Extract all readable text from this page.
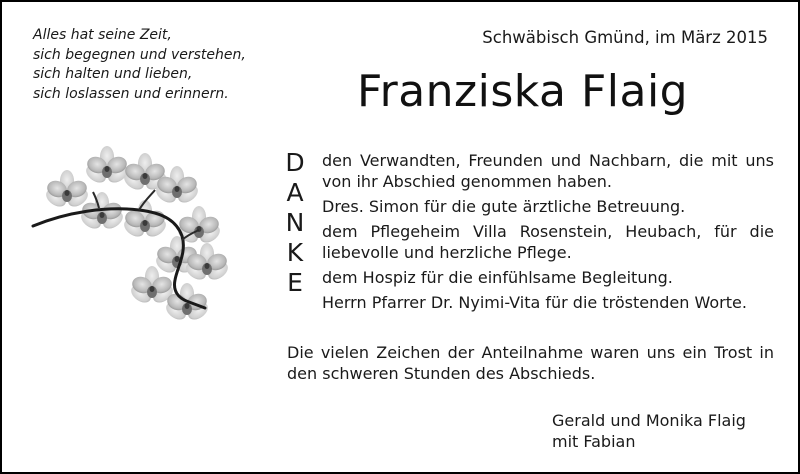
Alles hat seine Zeit,
sich begegnen und verstehen,
sich halten und lieben,
sich loslassen und erinnern.
Schwäbisch Gmünd, im März 2015
Franziska Flaig
D
A
N
K
E
den Verwandten, Freunden und Nachbarn, die mit uns von ihr Abschied genommen haben.
Dres. Simon für die gute ärztliche Betreuung.
dem Pflegeheim Villa Rosenstein, Heubach, für die liebevolle und herzliche Pflege.
dem Hospiz für die einfühlsame Begleitung.
Herrn Pfarrer Dr. Nyimi-Vita für die tröstenden Worte.
Die vielen Zeichen der Anteilnahme waren uns ein Trost in den schweren Stunden des Abschieds.
Gerald und Monika Flaig
mit Fabian
